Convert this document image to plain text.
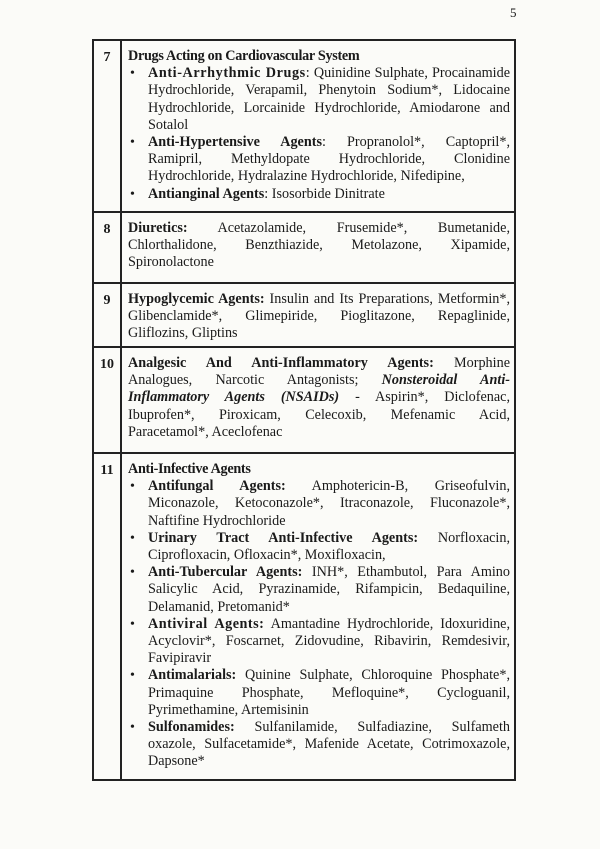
5
7	Drugs Acting on Cardiovascular System
• Anti-Arrhythmic Drugs: Quinidine Sulphate, Procainamide Hydrochloride, Verapamil, Phenytoin Sodium*, Lidocaine Hydrochloride, Lorcainide Hydrochloride, Amiodarone and Sotalol
• Anti-Hypertensive Agents: Propranolol*, Captopril*, Ramipril, Methyldopate Hydrochloride, Clonidine Hydrochloride, Hydralazine Hydrochloride, Nifedipine,
• Antianginal Agents: Isosorbide Dinitrate
8	Diuretics: Acetazolamide, Frusemide*, Bumetanide, Chlorthalidone, Benzthiazide, Metolazone, Xipamide, Spironolactone
9	Hypoglycemic Agents: Insulin and Its Preparations, Metformin*, Glibenclamide*, Glimepiride, Pioglitazone, Repaglinide, Gliflozins, Gliptins
10 Analgesic And Anti-Inflammatory Agents: Morphine Analogues, Narcotic Antagonists; Nonsteroidal Anti-Inflammatory Agents (NSAIDs) - Aspirin*, Diclofenac, Ibuprofen*, Piroxicam, Celecoxib, Mefenamic Acid, Paracetamol*, Aceclofenac
11	Anti-Infective Agents
• Antifungal Agents: Amphotericin-B, Griseofulvin, Miconazole, Ketoconazole*, Itraconazole, Fluconazole*, Naftifine Hydrochloride
• Urinary Tract Anti-Infective Agents: Norfloxacin, Ciprofloxacin, Ofloxacin*, Moxifloxacin,
• Anti-Tubercular Agents: INH*, Ethambutol, Para Amino Salicylic Acid, Pyrazinamide, Rifampicin, Bedaquiline, Delamanid, Pretomanid*
• Antiviral Agents: Amantadine Hydrochloride, Idoxuridine, Acyclovir*, Foscarnet, Zidovudine, Ribavirin, Remdesivir, Favipiravir
• Antimalarials: Quinine Sulphate, Chloroquine Phosphate*, Primaquine Phosphate, Mefloquine*, Cycloguanil, Pyrimethamine, Artemisinin
• Sulfonamides: Sulfanilamide, Sulfadiazine, Sulfameth oxazole, Sulfacetamide*, Mafenide Acetate, Cotrimoxazole, Dapsone*
